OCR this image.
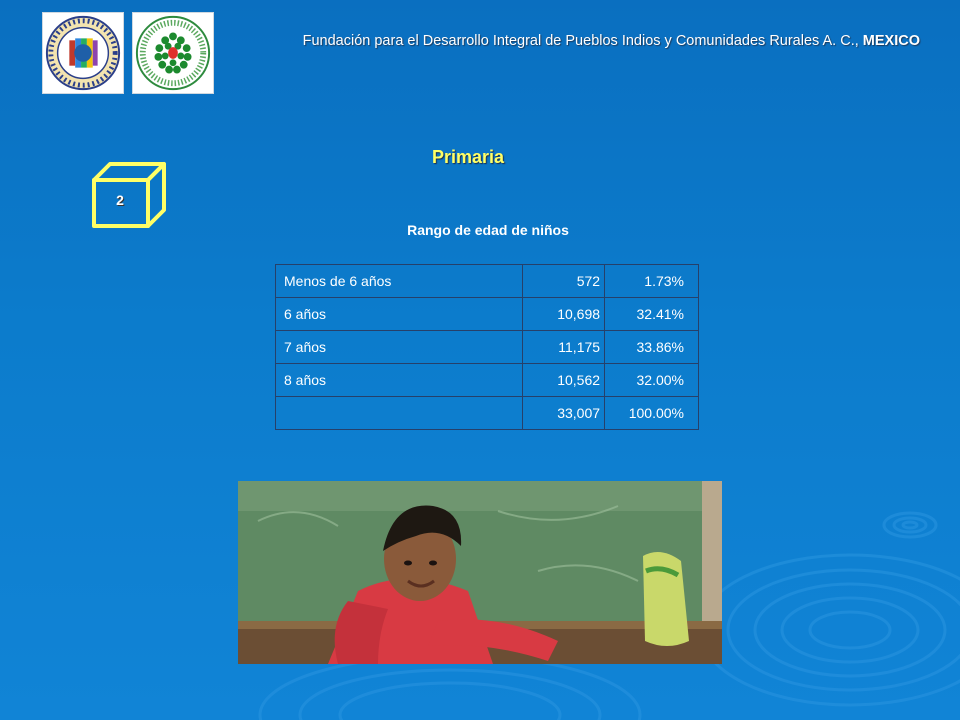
Fundación para el Desarrollo Integral de Pueblos Indios y Comunidades Rurales A. C., MEXICO
2
Primaria
Rango de edad de niños
Menos de 6 años	572	1.73%
6 años	10,698	32.41%
7 años	11,175	33.86%
8 años	10,562	32.00%
	33,007	100.00%
